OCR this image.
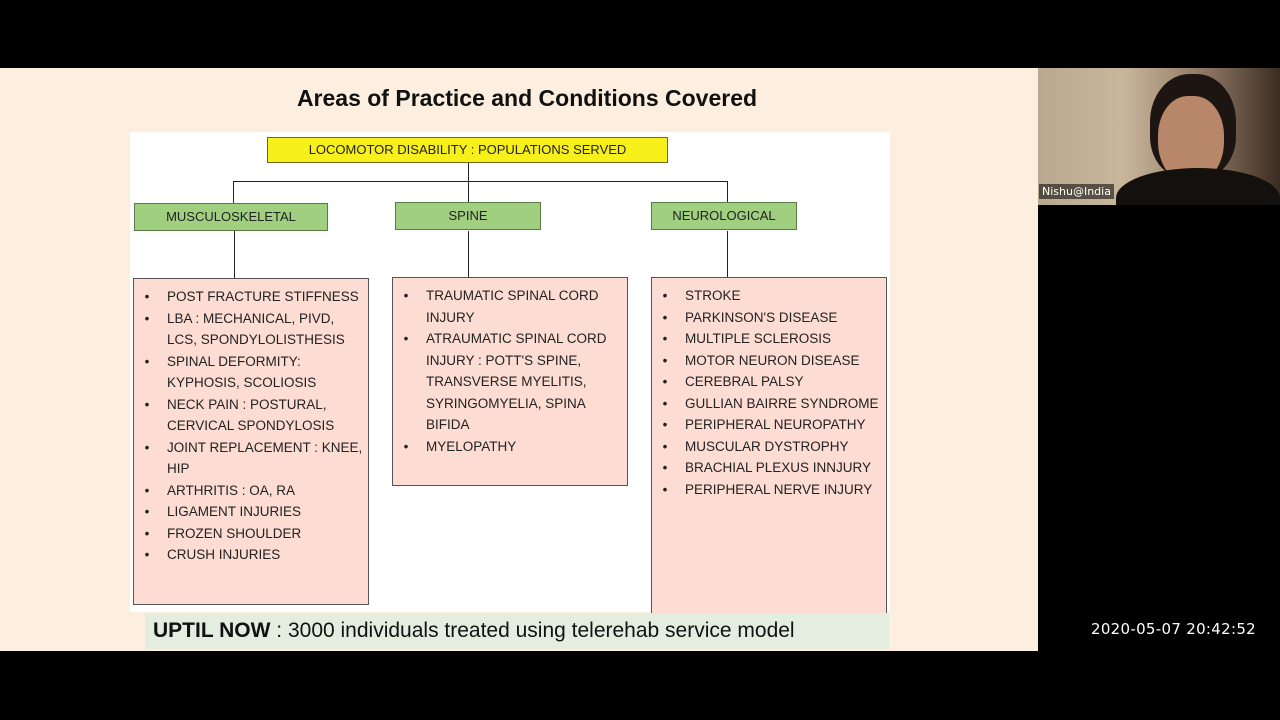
Areas of Practice and Conditions Covered
LOCOMOTOR DISABILITY : POPULATIONS SERVED
MUSCULOSKELETAL	SPINE	NEUROLOGICAL
•	POST FRACTURE STIFFNESS
•	LBA : MECHANICAL, PIVD, LCS, SPONDYLOLISTHESIS
•	SPINAL DEFORMITY: KYPHOSIS, SCOLIOSIS
•	NECK PAIN : POSTURAL, CERVICAL SPONDYLOSIS
•	JOINT REPLACEMENT : KNEE, HIP
•	ARTHRITIS : OA, RA
•	LIGAMENT INJURIES
•	FROZEN SHOULDER
•	CRUSH INJURIES
•	TRAUMATIC SPINAL CORD INJURY
•	ATRAUMATIC SPINAL CORD INJURY : POTT'S SPINE, TRANSVERSE MYELITIS, SYRINGOMYELIA, SPINA BIFIDA
•	MYELOPATHY
•	STROKE
•	PARKINSON'S DISEASE
•	MULTIPLE SCLEROSIS
•	MOTOR NEURON DISEASE
•	CEREBRAL PALSY
•	GULLIAN BAIRRE SYNDROME
•	PERIPHERAL NEUROPATHY
•	MUSCULAR DYSTROPHY
•	BRACHIAL PLEXUS INNJURY
•	PERIPHERAL NERVE INJURY
UPTIL NOW : 3000 individuals treated using telerehab service model
Nishu@India
2020-05-07 20:42:52
